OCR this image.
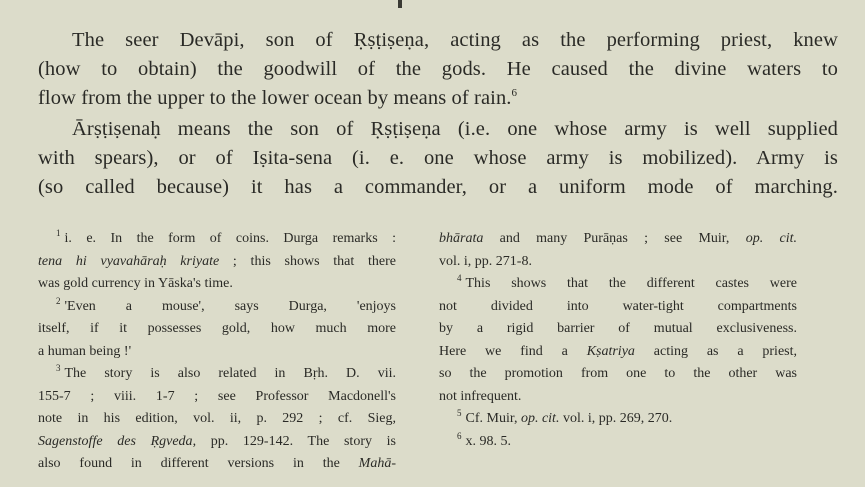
The seer Devāpi, son of Ṛṣṭiṣeṇa, acting as the performing priest, knew
(how to obtain) the goodwill of the gods. He caused the divine waters to
flow from the upper to the lower ocean by means of rain.$^6$

Ārṣṭiṣenaḥ means the son of Ṛṣṭiṣeṇa (i.e. one whose army is well supplied
with spears), or of Iṣita-sena (i. e. one whose army is mobilized). Army is
(so called because) it has a commander, or a uniform mode of marching.

$^1$ i. e. In the form of coins. Durga remarks :
tena hi vyavahāraḥ kriyate ; this shows that there
was gold currency in Yāska's time.
$^2$ 'Even a mouse', says Durga, 'enjoys
itself, if it possesses gold, how much more
a human being !'
$^3$ The story is also related in Bṛh. D. vii.
155-7 ; viii. 1-7 ; see Professor Macdonell's
note in his edition, vol. ii, p. 292 ; cf. Sieg,
Sagenstoffe des Ṛgveda, pp. 129-142. The story is
also found in different versions in the Mahā-
bhārata and many Purāṇas ; see Muir, op. cit.
vol. i, pp. 271-8.
$^4$ This shows that the different castes were
not divided into water-tight compartments
by a rigid barrier of mutual exclusiveness.
Here we find a Kṣatriya acting as a priest,
so the promotion from one to the other was
not infrequent.
$^5$ Cf. Muir, op. cit. vol. i, pp. 269, 270.
$^6$ x. 98. 5.
